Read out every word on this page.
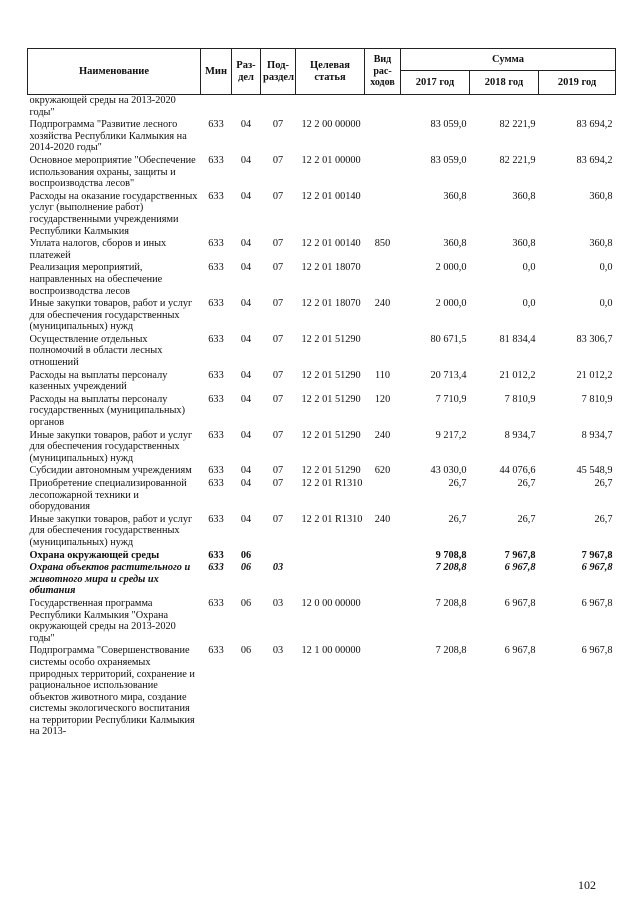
Наименование	Мин	Раз-
дел	Под-
раздел	Целевая
статья	Вид
рас-
ходов	Сумма		
						2017 год	2018 год	2019 год
окружающей среды на 2013-2020 годы"								
Подпрограмма "Развитие лесного хозяйства Республики Калмыкия на 2014-2020 годы"	633	04	07	12 2 00 00000		83 059,0	82 221,9	83 694,2
Основное мероприятие "Обеспечение использования охраны, защиты и воспроизводства лесов"	633	04	07	12 2 01 00000		83 059,0	82 221,9	83 694,2
Расходы на оказание государственных услуг (выполнение работ) государственными учреждениями Республики Калмыкия	633	04	07	12 2 01 00140		360,8	360,8	360,8
Уплата налогов, сборов и иных платежей	633	04	07	12 2 01 00140	850	360,8	360,8	360,8
Реализация мероприятий, направленных на обеспечение воспроизводства лесов	633	04	07	12 2 01 18070		2 000,0	0,0	0,0
Иные закупки товаров, работ и услуг для обеспечения государственных (муниципальных) нужд	633	04	07	12 2 01 18070	240	2 000,0	0,0	0,0
Осуществление отдельных полномочий в области лесных отношений	633	04	07	12 2 01 51290		80 671,5	81 834,4	83 306,7
Расходы на выплаты персоналу казенных учреждений	633	04	07	12 2 01 51290	110	20 713,4	21 012,2	21 012,2
Расходы на выплаты персоналу государственных (муниципальных) органов	633	04	07	12 2 01 51290	120	7 710,9	7 810,9	7 810,9
Иные закупки товаров, работ и услуг для обеспечения государственных (муниципальных) нужд	633	04	07	12 2 01 51290	240	9 217,2	8 934,7	8 934,7
Субсидии автономным учреждениям	633	04	07	12 2 01 51290	620	43 030,0	44 076,6	45 548,9
Приобретение специализированной лесопожарной техники и оборудования	633	04	07	12 2 01 R1310		26,7	26,7	26,7
Иные закупки товаров, работ и услуг для обеспечения государственных (муниципальных) нужд	633	04	07	12 2 01 R1310	240	26,7	26,7	26,7
Охрана окружающей среды	633	06				9 708,8	7 967,8	7 967,8
Охрана объектов растительного и животного мира и среды их обитания	633	06	03			7 208,8	6 967,8	6 967,8
Государственная программа Республики Калмыкия "Охрана окружающей среды на 2013-2020 годы"	633	06	03	12 0 00 00000		7 208,8	6 967,8	6 967,8
Подпрограмма "Совершенствование системы особо охраняемых природных территорий, сохранение и рациональное использование объектов животного мира, создание системы экологического воспитания на территории Республики Калмыкия на 2013-	633	06	03	12 1 00 00000		7 208,8	6 967,8	6 967,8
102
